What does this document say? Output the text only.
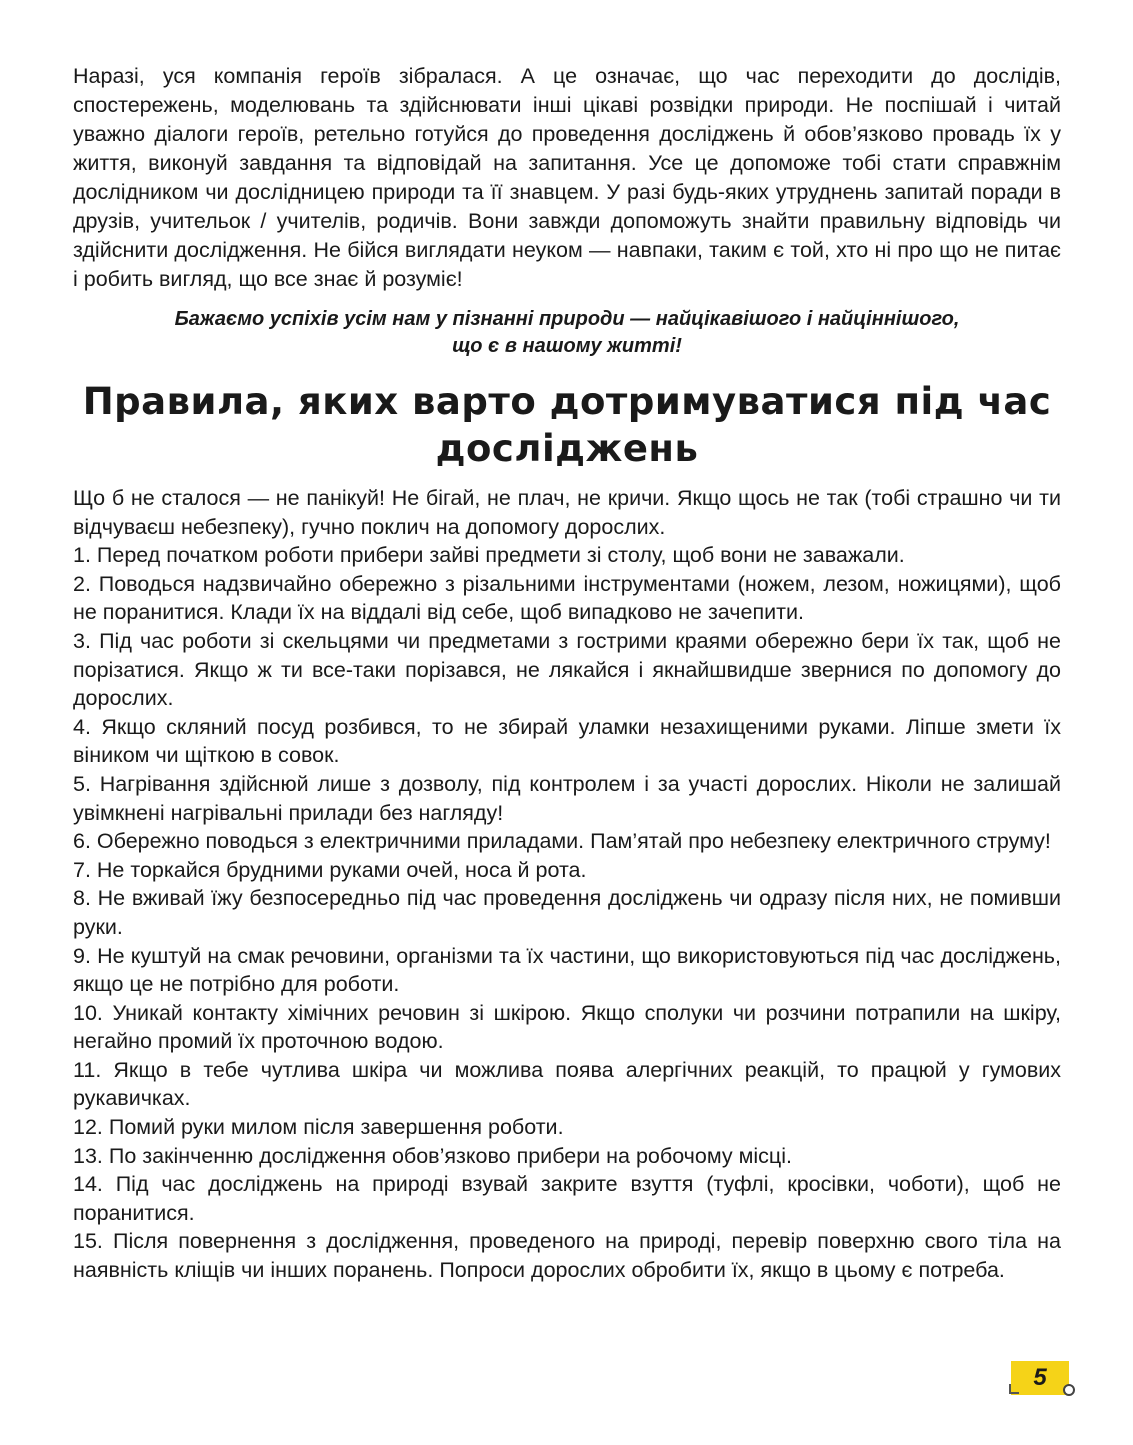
Наразі, уся компанія героїв зібралася. А це означає, що час переходити до дослідів, спостережень, моделювань та здійснювати інші цікаві розвідки природи. Не поспішай і читай уважно діалоги героїв, ретельно готуйся до проведення досліджень й обов’язково провадь їх у життя, виконуй завдання та відповідай на запитання. Усе це допоможе тобі стати справжнім дослідником чи дослідницею природи та її знавцем. У разі будь-яких утруднень запитай поради в друзів, учительок / учителів, родичів. Вони завжди допоможуть знайти правильну відповідь чи здійснити дослідження. Не бійся виглядати неуком — навпаки, таким є той, хто ні про що не питає і робить вигляд, що все знає й розуміє!

Бажаємо успіхів усім нам у пізнанні природи — найцікавішого і найціннішого,
що є в нашому житті!
Правила, яких варто дотримуватися під час
досліджень

Що б не сталося — не панікуй! Не бігай, не плач, не кричи. Якщо щось не так (тобі страшно чи ти відчуваєш небезпеку), гучно поклич на допомогу дорослих.

1. Перед початком роботи прибери зайві предмети зі столу, щоб вони не заважали.

2. Поводься надзвичайно обережно з різальними інструментами (ножем, лезом, ножицями), щоб не поранитися. Клади їх на віддалі від себе, щоб випадково не зачепити.

3. Під час роботи зі скельцями чи предметами з гострими краями обережно бери їх так, щоб не порізатися. Якщо ж ти все-таки порізався, не лякайся і якнайшвидше звернися по допомогу до дорослих.

4. Якщо скляний посуд розбився, то не збирай уламки незахищеними руками. Ліпше змети їх віником чи щіткою в совок.

5. Нагрівання здійснюй лише з дозволу, під контролем і за участі дорослих. Ніколи не залишай увімкнені нагрівальні прилади без нагляду!

6. Обережно поводься з електричними приладами. Пам’ятай про небезпеку електричного струму!

7. Не торкайся брудними руками очей, носа й рота.

8. Не вживай їжу безпосередньо під час проведення досліджень чи одразу після них, не помивши руки.

9. Не куштуй на смак речовини, організми та їх частини, що використовуються під час досліджень, якщо це не потрібно для роботи.

10. Уникай контакту хімічних речовин зі шкірою. Якщо сполуки чи розчини потрапили на шкіру, негайно промий їх проточною водою.

11. Якщо в тебе чутлива шкіра чи можлива поява алергічних реакцій, то працюй у гумових рукавичках.

12. Помий руки милом після завершення роботи.

13. По закінченню дослідження обов’язково прибери на робочому місці.

14. Під час досліджень на природі взувай закрите взуття (туфлі, кросівки, чоботи), щоб не поранитися.

15. Після повернення з дослідження, проведеного на природі, перевір поверхню свого тіла на наявність кліщів чи інших поранень. Попроси дорослих обробити їх, якщо в цьому є потреба.

5
